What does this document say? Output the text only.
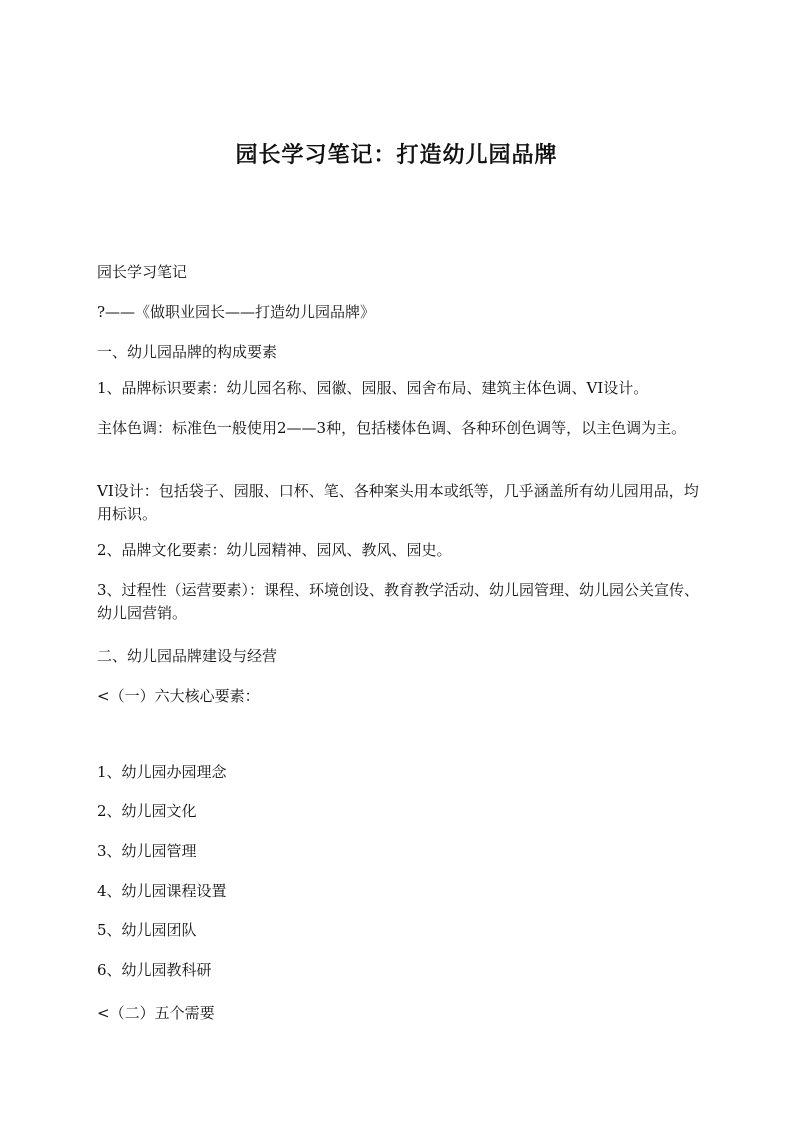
园长学习笔记：打造幼儿园品牌
园长学习笔记
?——《做职业园长——打造幼儿园品牌》
一、幼儿园品牌的构成要素
1、品牌标识要素：幼儿园名称、园徽、园服、园舍布局、建筑主体色调、VI设计。
主体色调：标准色一般使用2——3种，包括楼体色调、各种环创色调等，以主色调为主。
VI设计：包括袋子、园服、口杯、笔、各种案头用本或纸等，几乎涵盖所有幼儿园用品，均用标识。
2、品牌文化要素：幼儿园精神、园风、教风、园史。
3、过程性（运营要素）：课程、环境创设、教育教学活动、幼儿园管理、幼儿园公关宣传、幼儿园营销。
二、幼儿园品牌建设与经营
<（一）六大核心要素：
1、幼儿园办园理念
2、幼儿园文化
3、幼儿园管理
4、幼儿园课程设置
5、幼儿园团队
6、幼儿园教科研
<（二）五个需要
